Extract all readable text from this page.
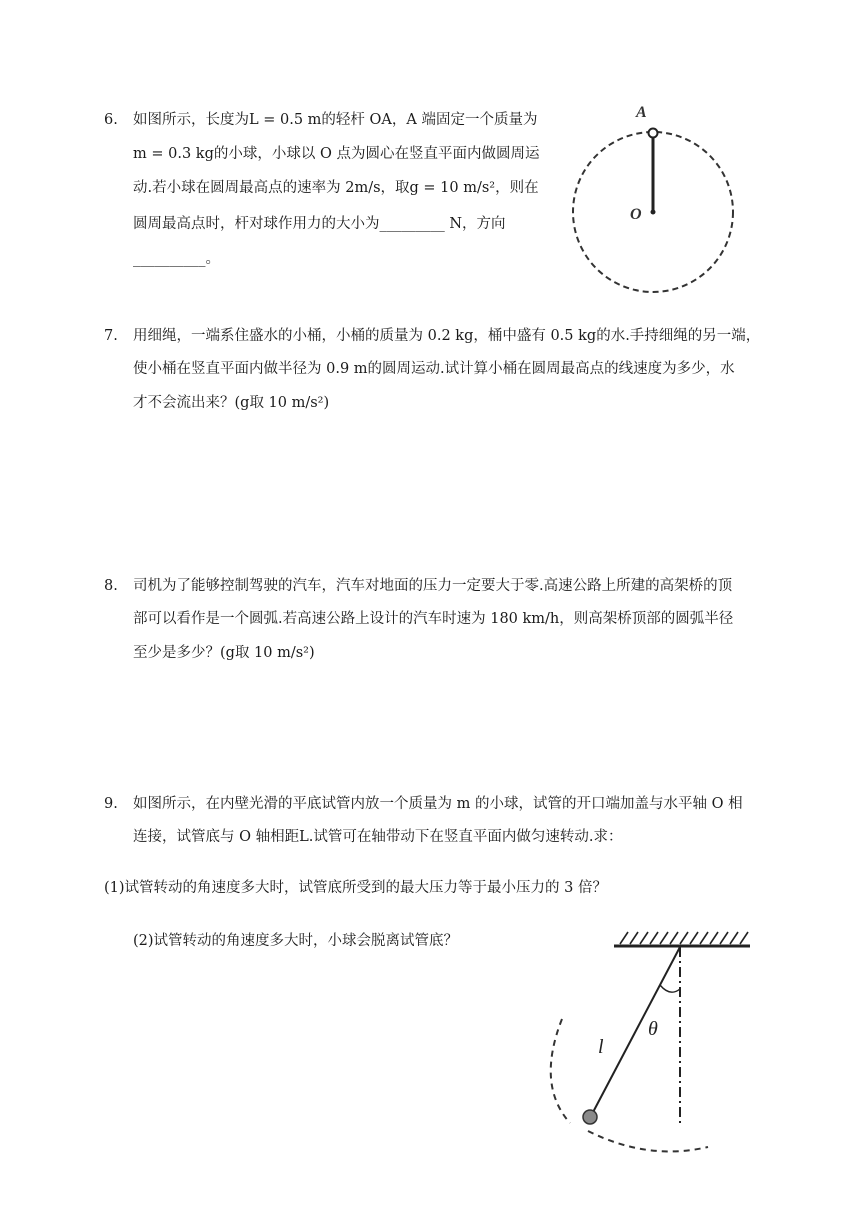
6. 如图所示，长度为L = 0.5 m的轻杆 OA，A 端固定一个质量为
m = 0.3 kg的小球，小球以 O 点为圆心在竖直平面内做圆周运
动.若小球在圆周最高点的速率为 2m/s，取g = 10 m/s²，则在
圆周最高点时，杆对球作用力的大小为_________ N，方向
__________。
A
O
7. 用细绳，一端系住盛水的小桶，小桶的质量为 0.2 kg，桶中盛有 0.5 kg的水.手持细绳的另一端，
使小桶在竖直平面内做半径为 0.9 m的圆周运动.试计算小桶在圆周最高点的线速度为多少，水
才不会流出来？(g取 10 m/s²)
8. 司机为了能够控制驾驶的汽车，汽车对地面的压力一定要大于零.高速公路上所建的高架桥的顶
部可以看作是一个圆弧.若高速公路上设计的汽车时速为 180 km/h，则高架桥顶部的圆弧半径
至少是多少？(g取 10 m/s²)
9. 如图所示，在内壁光滑的平底试管内放一个质量为 m 的小球，试管的开口端加盖与水平轴 O 相
连接，试管底与 O 轴相距L.试管可在轴带动下在竖直平面内做匀速转动.求：
(1)试管转动的角速度多大时，试管底所受到的最大压力等于最小压力的 3 倍？
(2)试管转动的角速度多大时，小球会脱离试管底？
l
θ
